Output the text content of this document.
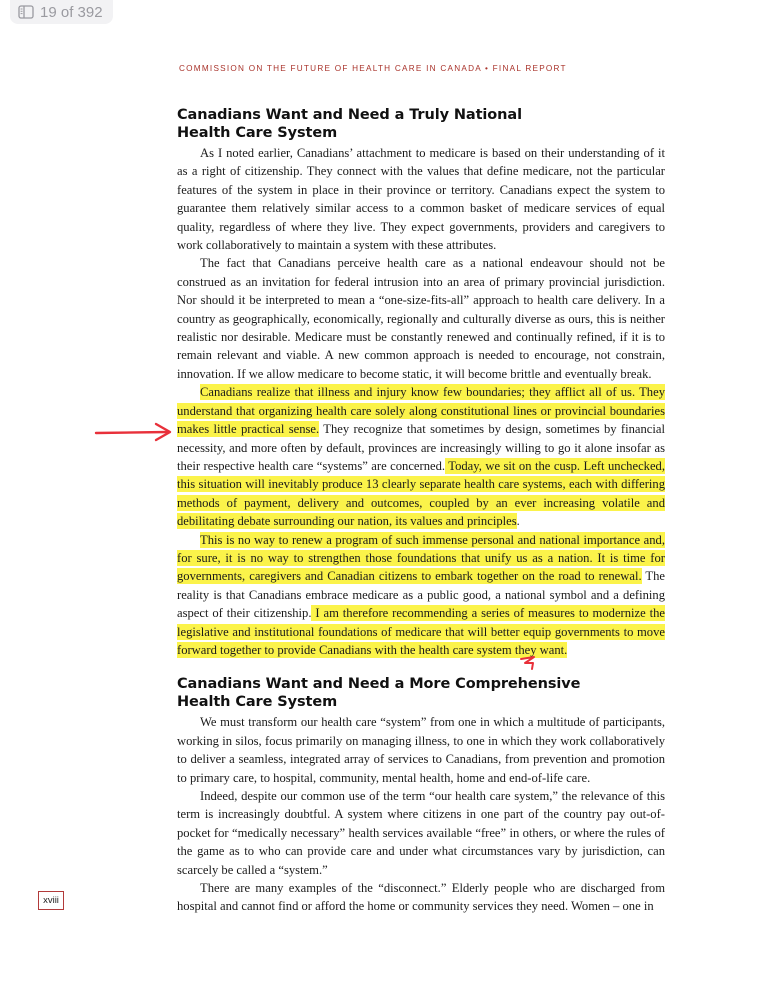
19 of 392
COMMISSION ON THE FUTURE OF HEALTH CARE IN CANADA • FINAL REPORT
Canadians Want and Need a Truly National
Health Care System

As I noted earlier, Canadians’ attachment to medicare is based on their understanding of it as a right of citizenship. They connect with the values that define medicare, not the particular features of the system in place in their province or territory. Canadians expect the system to guarantee them relatively similar access to a common basket of medicare services of equal quality, regardless of where they live. They expect governments, providers and caregivers to work collaboratively to maintain a system with these attributes.

The fact that Canadians perceive health care as a national endeavour should not be construed as an invitation for federal intrusion into an area of primary provincial jurisdiction. Nor should it be interpreted to mean a “one-size-fits-all” approach to health care delivery. In a country as geographically, economically, regionally and culturally diverse as ours, this is neither realistic nor desirable. Medicare must be constantly renewed and continually refined, if it is to remain relevant and viable. A new common approach is needed to encourage, not constrain, innovation. If we allow medicare to become static, it will become brittle and eventually break.

Canadians realize that illness and injury know few boundaries; they afflict all of us. They understand that organizing health care solely along constitutional lines or provincial boundaries makes little practical sense. They recognize that sometimes by design, sometimes by financial necessity, and more often by default, provinces are increasingly willing to go it alone insofar as their respective health care “systems” are concerned. Today, we sit on the cusp. Left unchecked, this situation will inevitably produce 13 clearly separate health care systems, each with differing methods of payment, delivery and outcomes, coupled by an ever increasing volatile and debilitating debate surrounding our nation, its values and principles.

This is no way to renew a program of such immense personal and national importance and, for sure, it is no way to strengthen those foundations that unify us as a nation. It is time for governments, caregivers and Canadian citizens to embark together on the road to renewal. The reality is that Canadians embrace medicare as a public good, a national symbol and a defining aspect of their citizenship. I am therefore recommending a series of measures to modernize the legislative and institutional foundations of medicare that will better equip governments to move forward together to provide Canadians with the health care system they want.

Canadians Want and Need a More Comprehensive
Health Care System

We must transform our health care “system” from one in which a multitude of participants, working in silos, focus primarily on managing illness, to one in which they work collaboratively to deliver a seamless, integrated array of services to Canadians, from prevention and promotion to primary care, to hospital, community, mental health, home and end-of-life care.

Indeed, despite our common use of the term “our health care system,” the relevance of this term is increasingly doubtful. A system where citizens in one part of the country pay out-of-pocket for “medically necessary” health services available “free” in others, or where the rules of the game as to who can provide care and under what circumstances vary by jurisdiction, can scarcely be called a “system.”

There are many examples of the “disconnect.” Elderly people who are discharged from hospital and cannot find or afford the home or community services they need. Women – one in

xviii
